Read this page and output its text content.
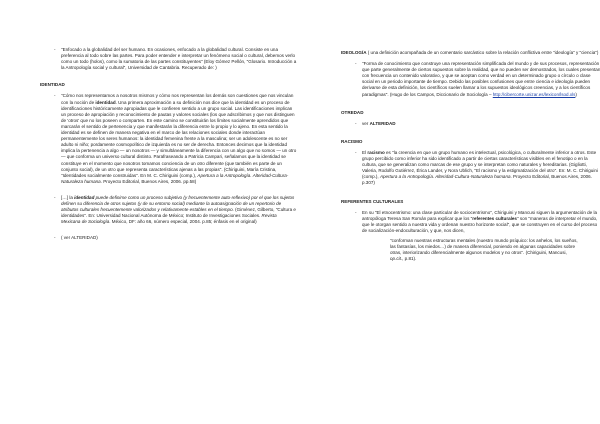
- "Enfocado a la globalidad del ser humano. En ocasiones, enfocado a la globalidad cultural. Consiste en una preferencia al todo sobre las partes. Para poder entender e interpretar un fenómeno social o cultural, debemos verlo como un todo (holos), como la sumatoria de las partes constituyentes" (Eloy Gómez Pellón, "Glosario. Introducción a la Antropología social y cultural", Universidad de Cantabria. Recuperado de: )

IDENTIDAD
- "Cómo nos representamos a nosotros mismos y cómo nos representan los demás son cuestiones que nos vinculan con la noción de identidad. Una primera aproximación a su definición nos dice que la identidad es un proceso de identificaciones históricamente apropiadas que le confieren sentido a un grupo social. Las identificaciones implican un proceso de apropiación y reconocimiento de pautas y valores sociales (los que adscribimos y que nos distinguen de 'otros' que no los poseen o comparten. En este camino se constituirán los límites socialmente aprendidos que marcarán el sentido de pertenencia y que manifestarán la diferencia entre lo propio y lo ajeno. En esta sentido la identidad es se definen de manera negativa en el marco de las relaciones sociales donde interactúan permanentemente los seres humanos: la identidad femenina frente a la masculina; ser un adolescente es no ser adulto ni niño; pordamente cosmopolítico de izquierda es no ser de derecha. Entonces decimos que la identidad implica la pertenencia a algo — un nosotros — y simultáneamente la diferencia con un algo que no somos — un otro — que conforma un universo cultural distinto. Parafraseando a Patricia Campari, señalamos que la identidad se constituye en el momento que nosotros tomamos conciencia de un otro diferente (que también es parte de un conjunto social), de un otro que representa características ajenas a las propias". (Chiriguini, María Cristina, "Identidades socialmente construidas". En M. C. Chiriguini (comp.), Apertura a la Antropología. Alteridad-Cultura-Naturaleza humana. Proyecto Editorial, Buenos Aires, 2006. pp.58)

- […] la identidad puede definirse como un proceso subjetivo (y frecuentemente auto-reflexivo) por el que los sujetos definen su diferencia de otros sujetos (y de su entorno social) mediante la autoasignación de un repertorio de atributos culturales frecuentemente valorizados y relativamente estables en el tiempo. (Giménez, Gilberto, "Cultura e identidades". En: Universidad Nacional Autónoma de México; Instituto de Investigaciones Sociales. Revista Mexicana de Sociología. México, DF: año 66, número especial, 2004. p.85; énfasis en el original)

- ( ver ALTERIDAD)

IDEOLOGÍA ( una definición acompañada de un comentario sarcástico sobre la relación conflictiva entre "ideología" y "ciencia")

- "Forma de conocimiento que construye una representación simplificada del mundo y de sus procesos, representación que parte generalmente de ciertos supuestos sobre la realidad, que no pueden ser demostrados, los cuales presentan con frecuencia un contenido valorativo, y que se aceptan como verdad en un determinado grupo o círculo o clase social en un periodo importante de tiempo. Debido las posibles confusiones que entre ciencia e ideología pueden derivarse de esta definición, los científicos suelen llamar a los supuestos ideológicos creencias, y a los científicos paradigmas". (Hugo de los Campos, Diccionario de Sociología – http://cibercorte.unizar.es/lexicon/lsod.xls)

OTREDAD
- ver ALTERIDAD

RACISMO
- El racismo es "la creencia en que un grupo humano es intelectual, psicológica, o culturalmente inferior a otros. Este grupo percibido como inferior ha sido identificado a partir de ciertas características visibles en el fenotipo o en la cultura, que se generalizan como marcas de ese grupo y se interpretan como naturales y hereditarias. (Gigliotti, Valeria, Rodolfo Gutiérrez, Érica Lander, y Nora Ublich, "El racismo y la estigmatización del otro". En: M. C. Chiriguini (comp.), Apertura a la Antropología. Alteridad-Cultura-Naturaleza humana. Proyecto Editorial, Buenos Aires, 2006. p.307)

REFERENTES CULTURALES
- En su "El etnocentrismo: una clase particular de sociocentrismo", Chiriguini y Mancusi siguen la argumentación de la antropóloga Teresa San Román para explicar que los "referentes culturales" son "maneras de interpretar el mundo, que le otorgan sentido a nuestra vida y ordenan nuestro horizonte social", que se construyen en el curso del proceso de socialización-endoculturación, y que, nos dicen,

"conforman nuestras estructuras mentales (nuestro mundo psíquico: los anhelos, los sueños, las fantasías, los miedos…) de manera diferencial, poniendo en algunas capacidades sobre otras, interiorizando diferencialmente algunos modelos y no otros". (Chiriguini, Mancusi, op.cit., p.81).
